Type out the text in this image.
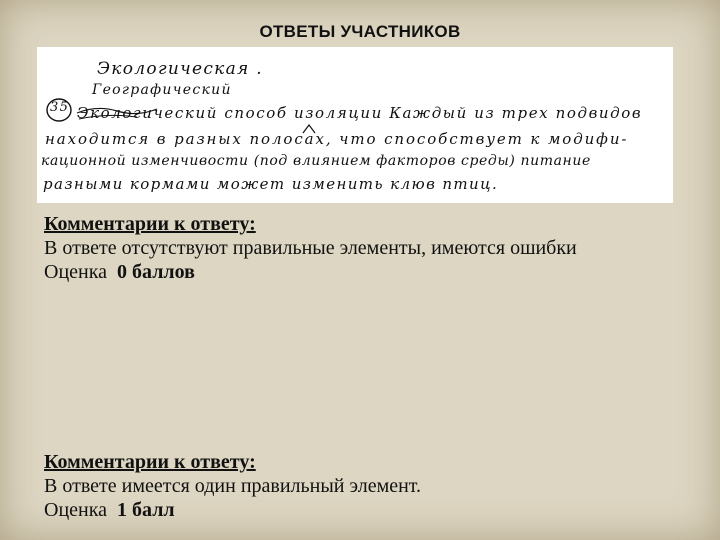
ОТВЕТЫ УЧАСТНИКОВ
35
Экологическая .
Географический
Экологический способ изоляции Каждый из трех подвидов
находится в разных полосах, что способствует к модифи-
кационной изменчивости (под влиянием факторов среды) питание
разными кормами может изменить клюв птиц.
Комментарии к ответу:
В ответе отсутствуют правильные элементы, имеются ошибки
Оценка 0 баллов
Комментарии к ответу:
В ответе имеется один правильный элемент.
Оценка 1 балл
